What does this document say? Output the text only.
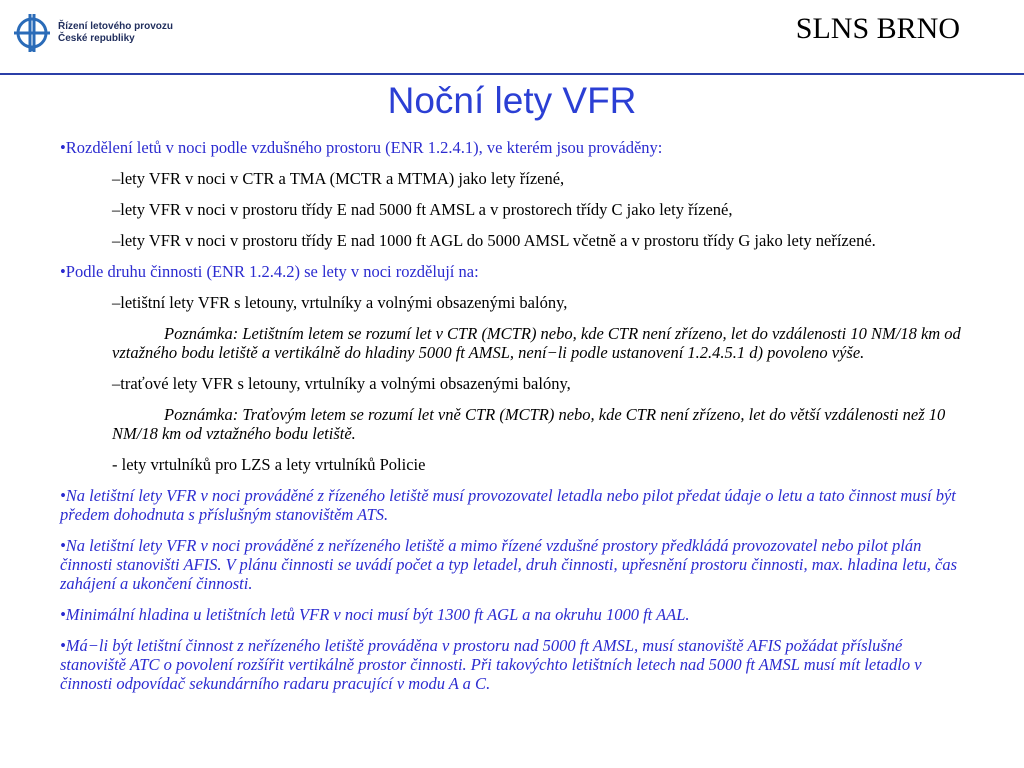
Řízení letového provozu
České republiky	SLNS BRNO
Noční lety VFR

•Rozdělení letů v noci podle vzdušného prostoru (ENR 1.2.4.1), ve kterém jsou prováděny:

–lety VFR v noci v CTR a TMA (MCTR a MTMA) jako lety řízené,

–lety VFR v noci v prostoru třídy E nad 5000 ft AMSL a v prostorech třídy C jako lety řízené,

–lety VFR v noci v prostoru třídy E nad 1000 ft AGL do 5000 AMSL včetně a v prostoru třídy G jako lety neřízené.

•Podle druhu činnosti (ENR 1.2.4.2) se lety v noci rozdělují na:

–letištní lety VFR s letouny, vrtulníky a volnými obsazenými balóny,

Poznámka: Letištním letem se rozumí let v CTR (MCTR) nebo, kde CTR není zřízeno, let do vzdálenosti 10 NM/18 km od vztažného bodu letiště a vertikálně do hladiny 5000 ft AMSL, není−li podle ustanovení 1.2.4.5.1 d) povoleno výše.

–traťové lety VFR s letouny, vrtulníky a volnými obsazenými balóny,

Poznámka: Traťovým letem se rozumí let vně CTR (MCTR) nebo, kde CTR není zřízeno, let do větší vzdálenosti než 10 NM/18 km od vztažného bodu letiště.

- lety vrtulníků pro LZS a lety vrtulníků Policie

•Na letištní lety VFR v noci prováděné z řízeného letiště musí provozovatel letadla nebo pilot předat údaje o letu a tato činnost musí být předem dohodnuta s příslušným stanovištěm ATS.

•Na letištní lety VFR v noci prováděné z neřízeného letiště a mimo řízené vzdušné prostory předkládá provozovatel nebo pilot plán činnosti stanovišti AFIS. V plánu činnosti se uvádí počet a typ letadel, druh činnosti, upřesnění prostoru činnosti, max. hladina letu, čas zahájení a ukončení činnosti.

•Minimální hladina u letištních letů VFR v noci musí být 1300 ft AGL a na okruhu 1000 ft AAL.

•Má−li být letištní činnost z neřízeného letiště prováděna v prostoru nad 5000 ft AMSL, musí stanoviště AFIS požádat příslušné stanoviště ATC o povolení rozšířit vertikálně prostor činnosti. Při takovýchto letištních letech nad 5000 ft AMSL musí mít letadlo v činnosti odpovídač sekundárního radaru pracující v modu A a C.
